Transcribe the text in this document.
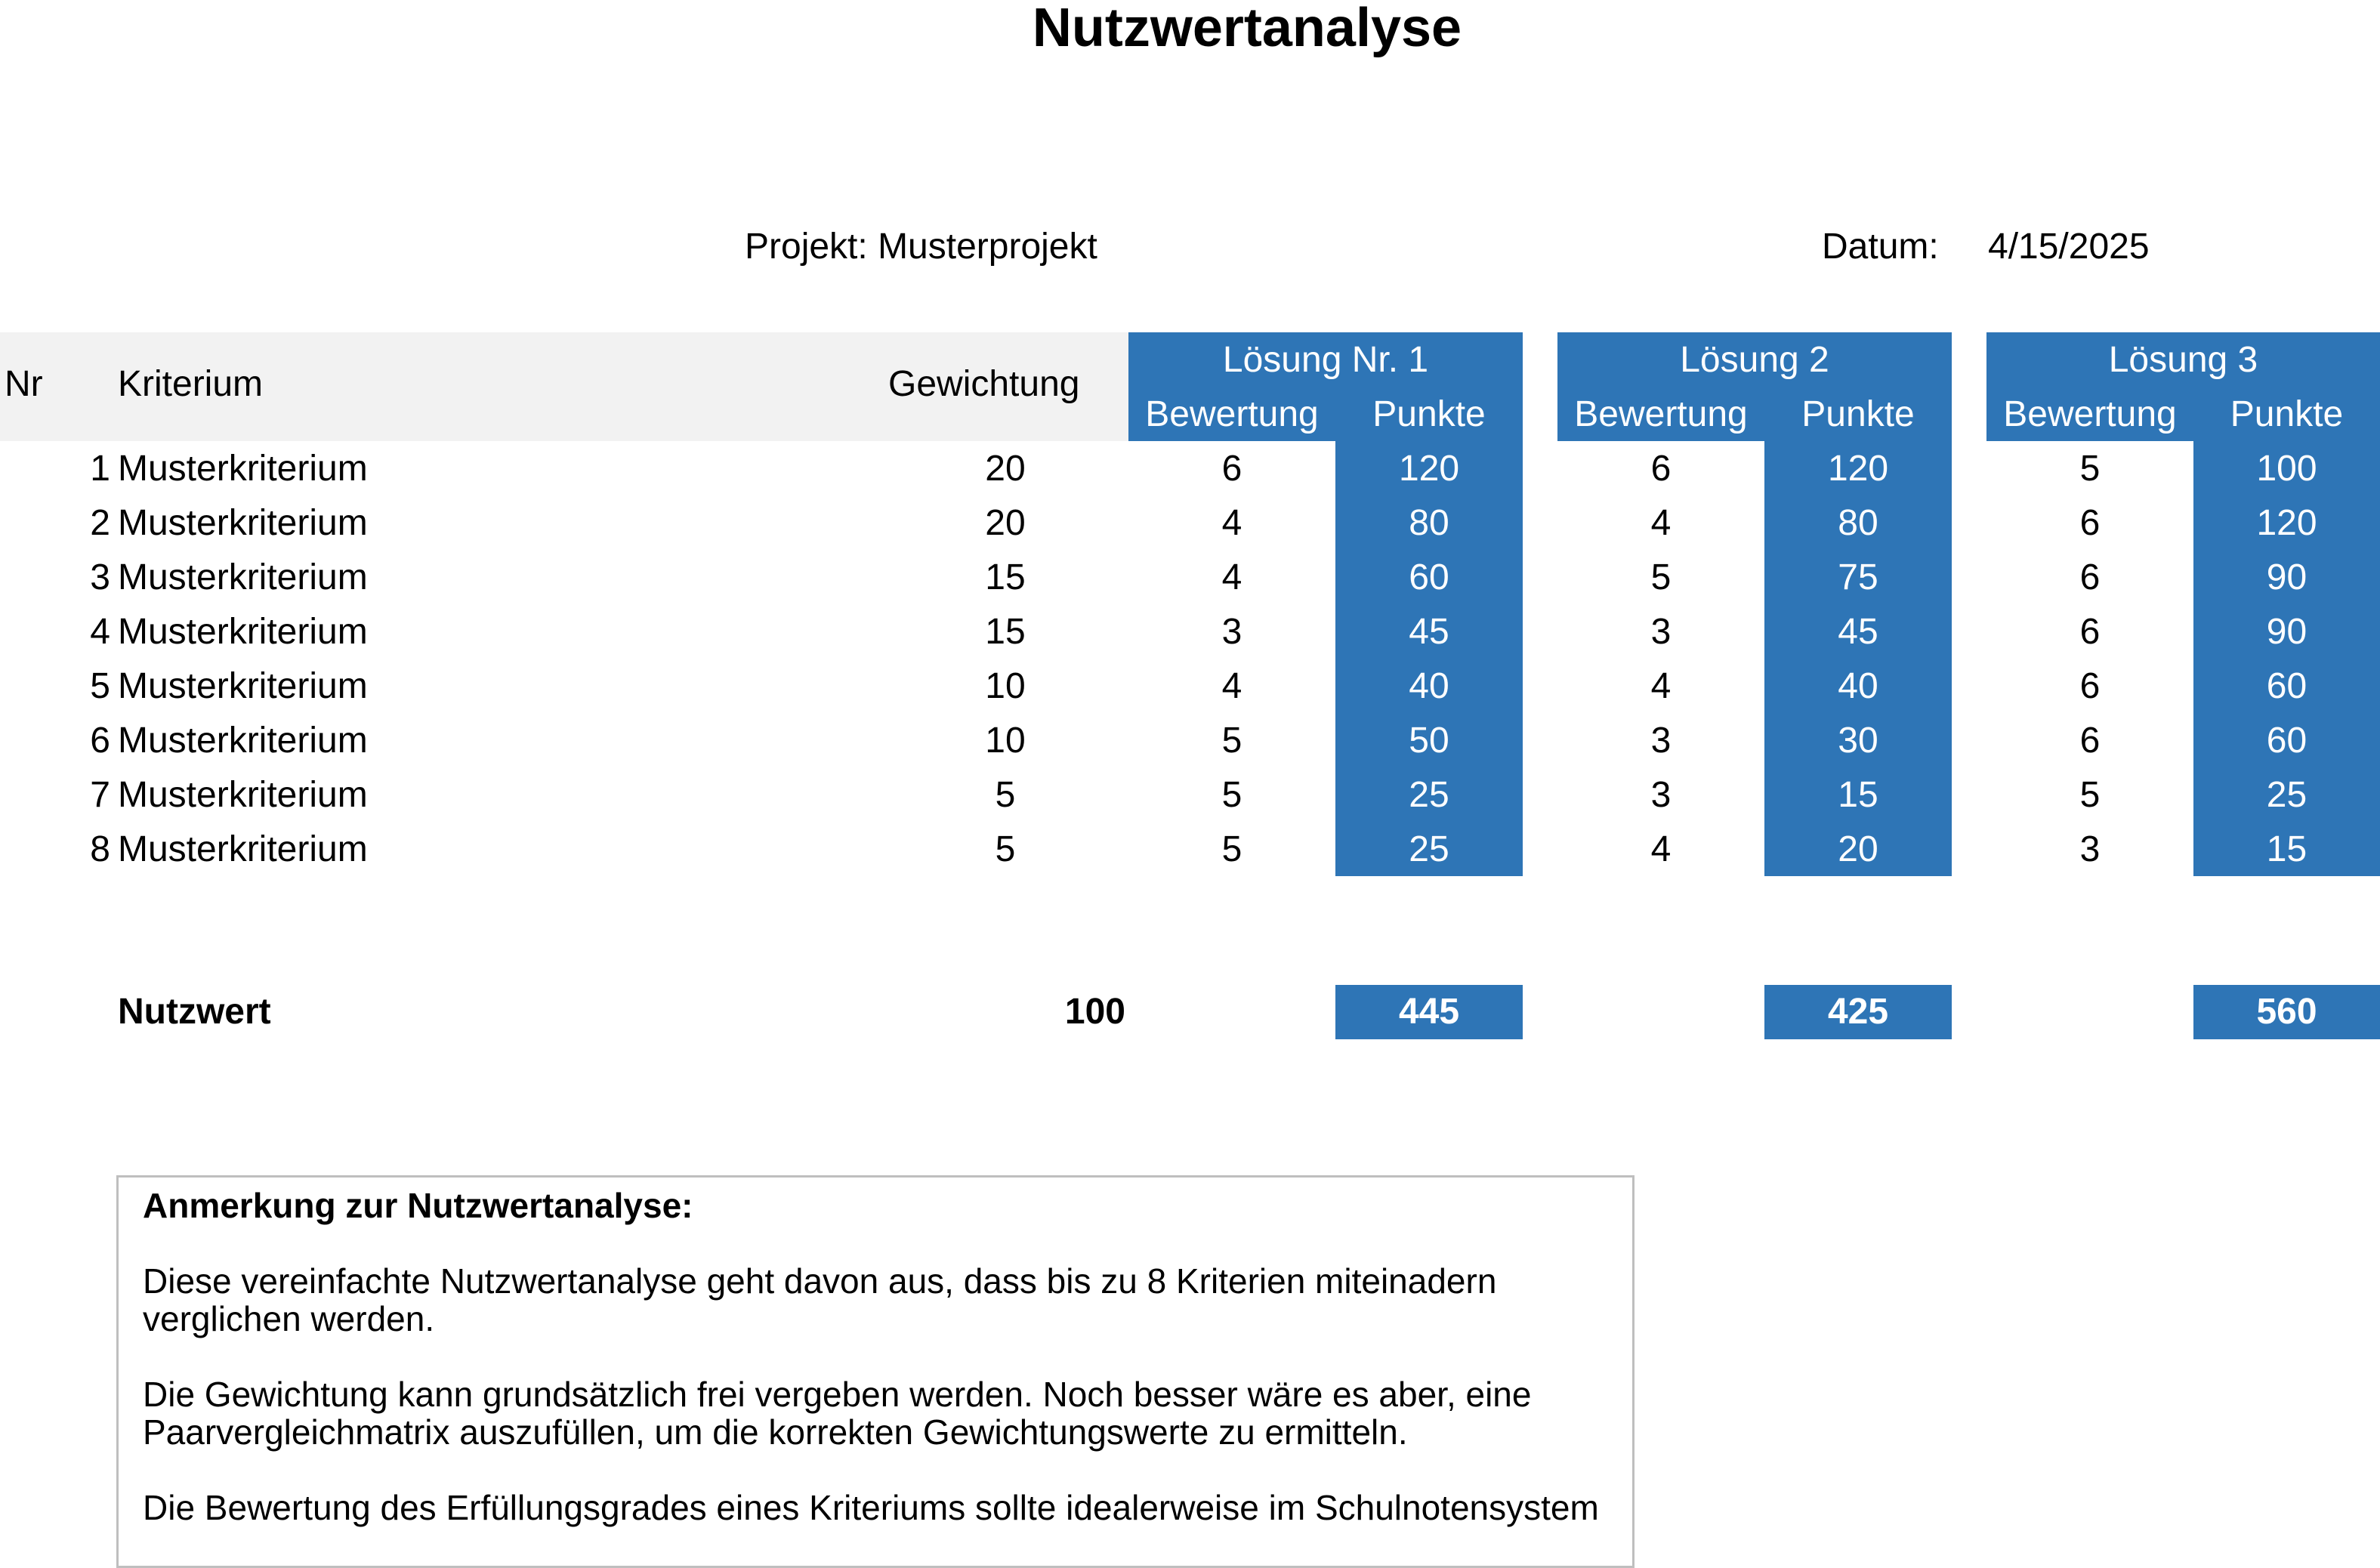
Nutzwertanalyse
Projekt: Musterprojekt	Datum: 4/15/2025
Nr Kriterium	Gewichtung
Lösung Nr. 1
Bewertung	Punkte
Lösung 2
Bewertung	Punkte
Lösung 3
Bewertung	Punkte
1 Musterkriterium	20	6	120	6	120	5	100
2 Musterkriterium	20	4	80	4	80	6	120
3 Musterkriterium	15	4	60	5	75	6	90
4 Musterkriterium	15	3	45	3	45	6	90
5 Musterkriterium	10	4	40	4	40	6	60
6 Musterkriterium	10	5	50	3	30	6	60
7 Musterkriterium	5	5	25	3	15	5	25
8 Musterkriterium	5	5	25	4	20	3	15
Nutzwert	100	445	425	560
Anmerkung zur Nutzwertanalyse:

Diese vereinfachte Nutzwertanalyse geht davon aus, dass bis zu 8 Kriterien miteinadern verglichen werden.

Die Gewichtung kann grundsätzlich frei vergeben werden. Noch besser wäre es aber, eine Paarvergleichmatrix auszufüllen, um die korrekten Gewichtungswerte zu ermitteln.

Die Bewertung des Erfüllungsgrades eines Kriteriums sollte idealerweise im Schulnotensystem
